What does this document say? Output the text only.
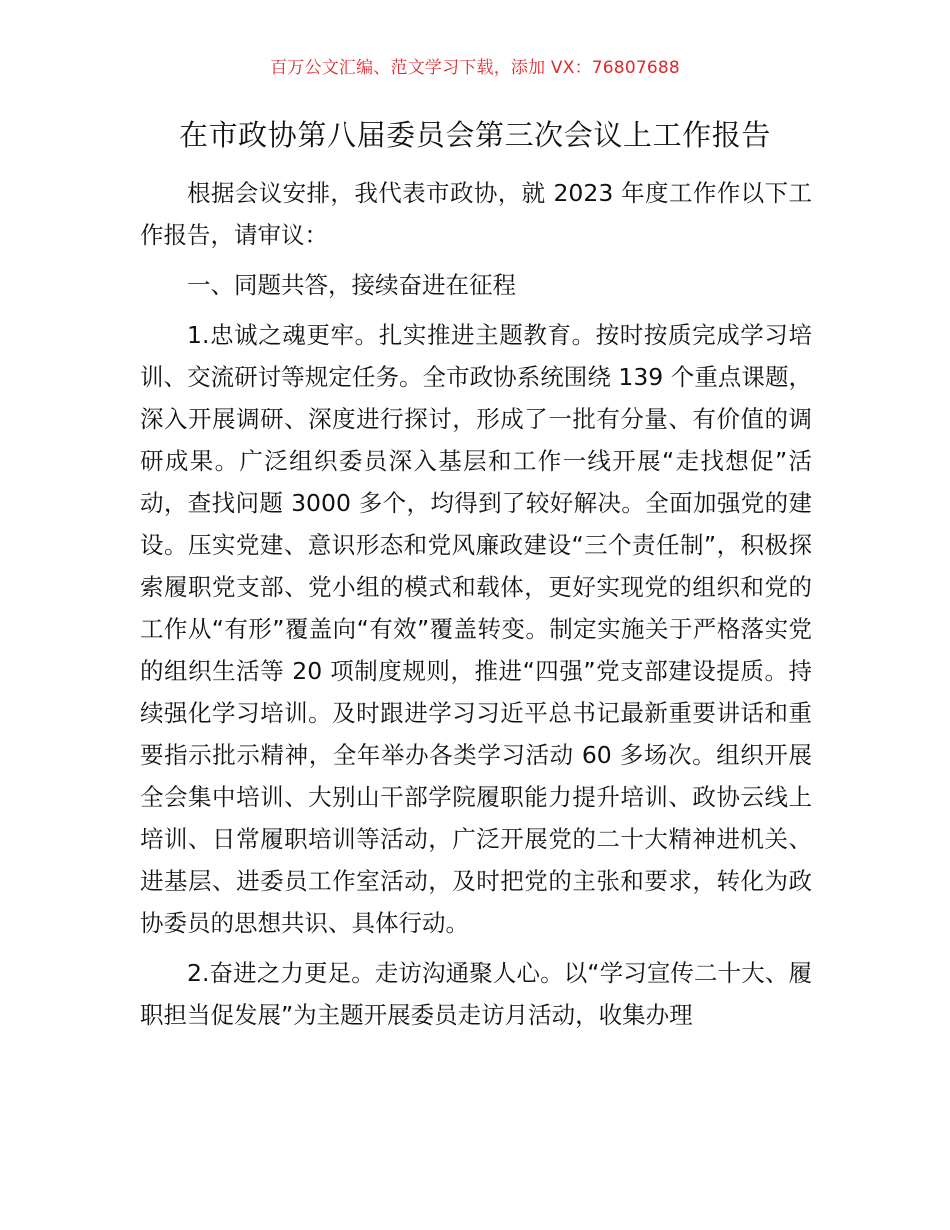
百万公文汇编、范文学习下载，添加 VX：76807688
在市政协第八届委员会第三次会议上工作报告

根据会议安排，我代表市政协，就 2023 年度工作作以下工作报告，请审议：

一、同题共答，接续奋进在征程

1.忠诚之魂更牢。扎实推进主题教育。按时按质完成学习培训、交流研讨等规定任务。全市政协系统围绕 139 个重点课题，深入开展调研、深度进行探讨，形成了一批有分量、有价值的调研成果。广泛组织委员深入基层和工作一线开展“走找想促”活动，查找问题 3000 多个，均得到了较好解决。全面加强党的建设。压实党建、意识形态和党风廉政建设“三个责任制”，积极探索履职党支部、党小组的模式和载体，更好实现党的组织和党的工作从“有形”覆盖向“有效”覆盖转变。制定实施关于严格落实党的组织生活等 20 项制度规则，推进“四强”党支部建设提质。持续强化学习培训。及时跟进学习习近平总书记最新重要讲话和重要指示批示精神，全年举办各类学习活动 60 多场次。组织开展全会集中培训、大别山干部学院履职能力提升培训、政协云线上培训、日常履职培训等活动，广泛开展党的二十大精神进机关、进基层、进委员工作室活动，及时把党的主张和要求，转化为政协委员的思想共识、具体行动。

2.奋进之力更足。走访沟通聚人心。以“学习宣传二十大、履职担当促发展”为主题开展委员走访月活动，收集办理
